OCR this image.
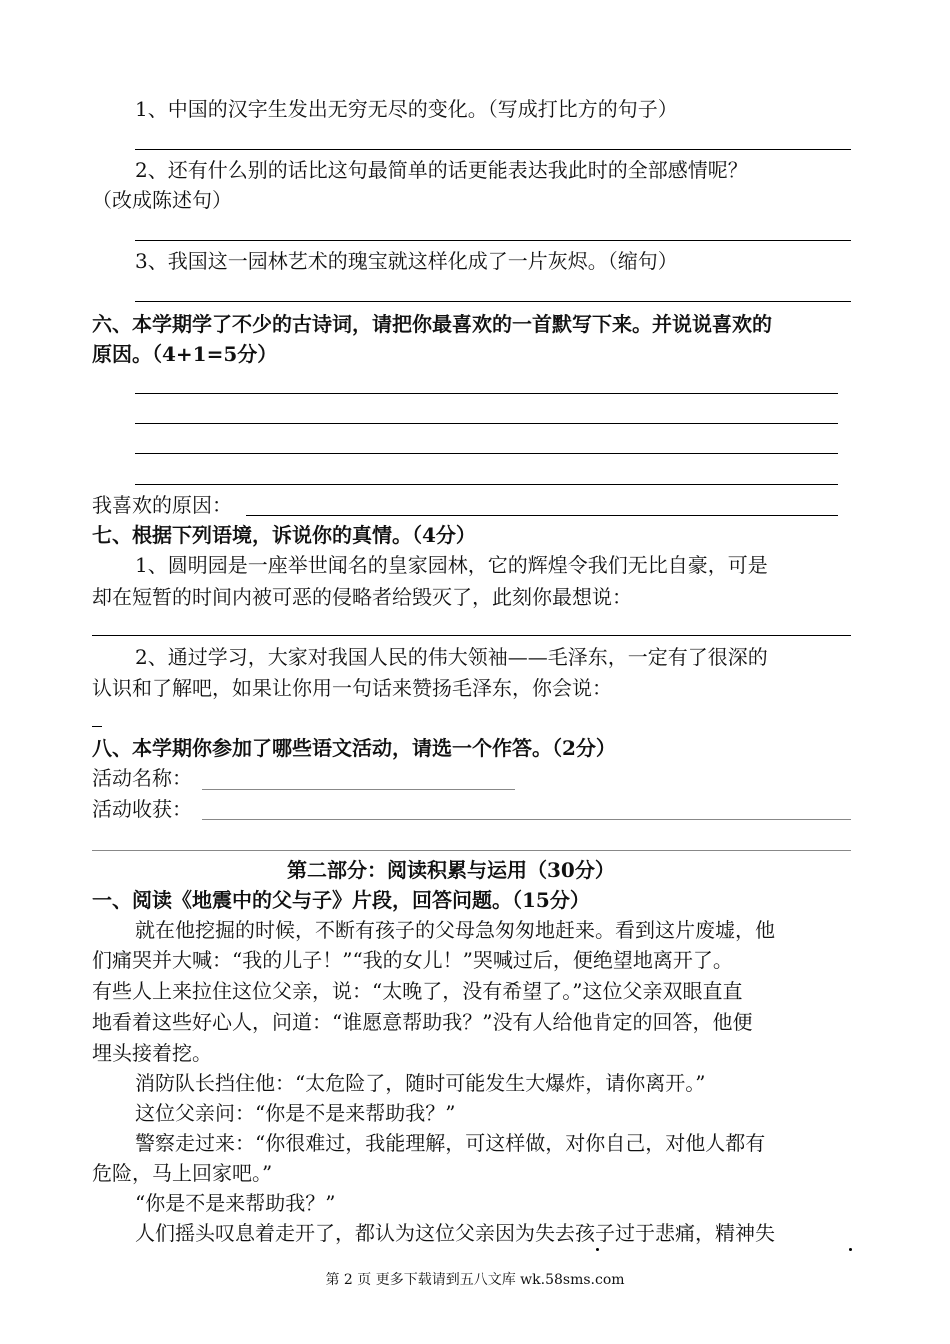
1、中国的汉字生发出无穷无尽的变化。（写成打比方的句子）
2、还有什么别的话比这句最简单的话更能表达我此时的全部感情呢？
（改成陈述句）
3、我国这一园林艺术的瑰宝就这样化成了一片灰烬。（缩句）
六、本学期学了不少的古诗词，请把你最喜欢的一首默写下来。并说说喜欢的
原因。（4+1=5分）
我喜欢的原因：
七、根据下列语境，诉说你的真情。（4分）
1、圆明园是一座举世闻名的皇家园林，它的辉煌令我们无比自豪，可是
却在短暂的时间内被可恶的侵略者给毁灭了，此刻你最想说：
2、通过学习，大家对我国人民的伟大领袖——毛泽东，一定有了很深的
认识和了解吧，如果让你用一句话来赞扬毛泽东，你会说：
八、本学期你参加了哪些语文活动，请选一个作答。（2分）
活动名称：
活动收获：
第二部分：阅读积累与运用（30分）
一、阅读《地震中的父与子》片段，回答问题。（15分）
就在他挖掘的时候，不断有孩子的父母急匆匆地赶来。看到这片废墟，他
们痛哭并大喊：“我的儿子！”“我的女儿！”哭喊过后，便绝望地离开了。
有些人上来拉住这位父亲，说：“太晚了，没有希望了。”这位父亲双眼直直
地看着这些好心人，问道：“谁愿意帮助我？”没有人给他肯定的回答，他便
埋头接着挖。
消防队长挡住他：“太危险了，随时可能发生大爆炸，请你离开。”
这位父亲问：“你是不是来帮助我？”
警察走过来：“你很难过，我能理解，可这样做，对你自己，对他人都有
危险，马上回家吧。”
“你是不是来帮助我？”
人们摇头叹息着走开了，都认为这位父亲因为失去孩子过于悲痛，精神失
第 2 页 更多下载请到五八文库 wk.58sms.com
